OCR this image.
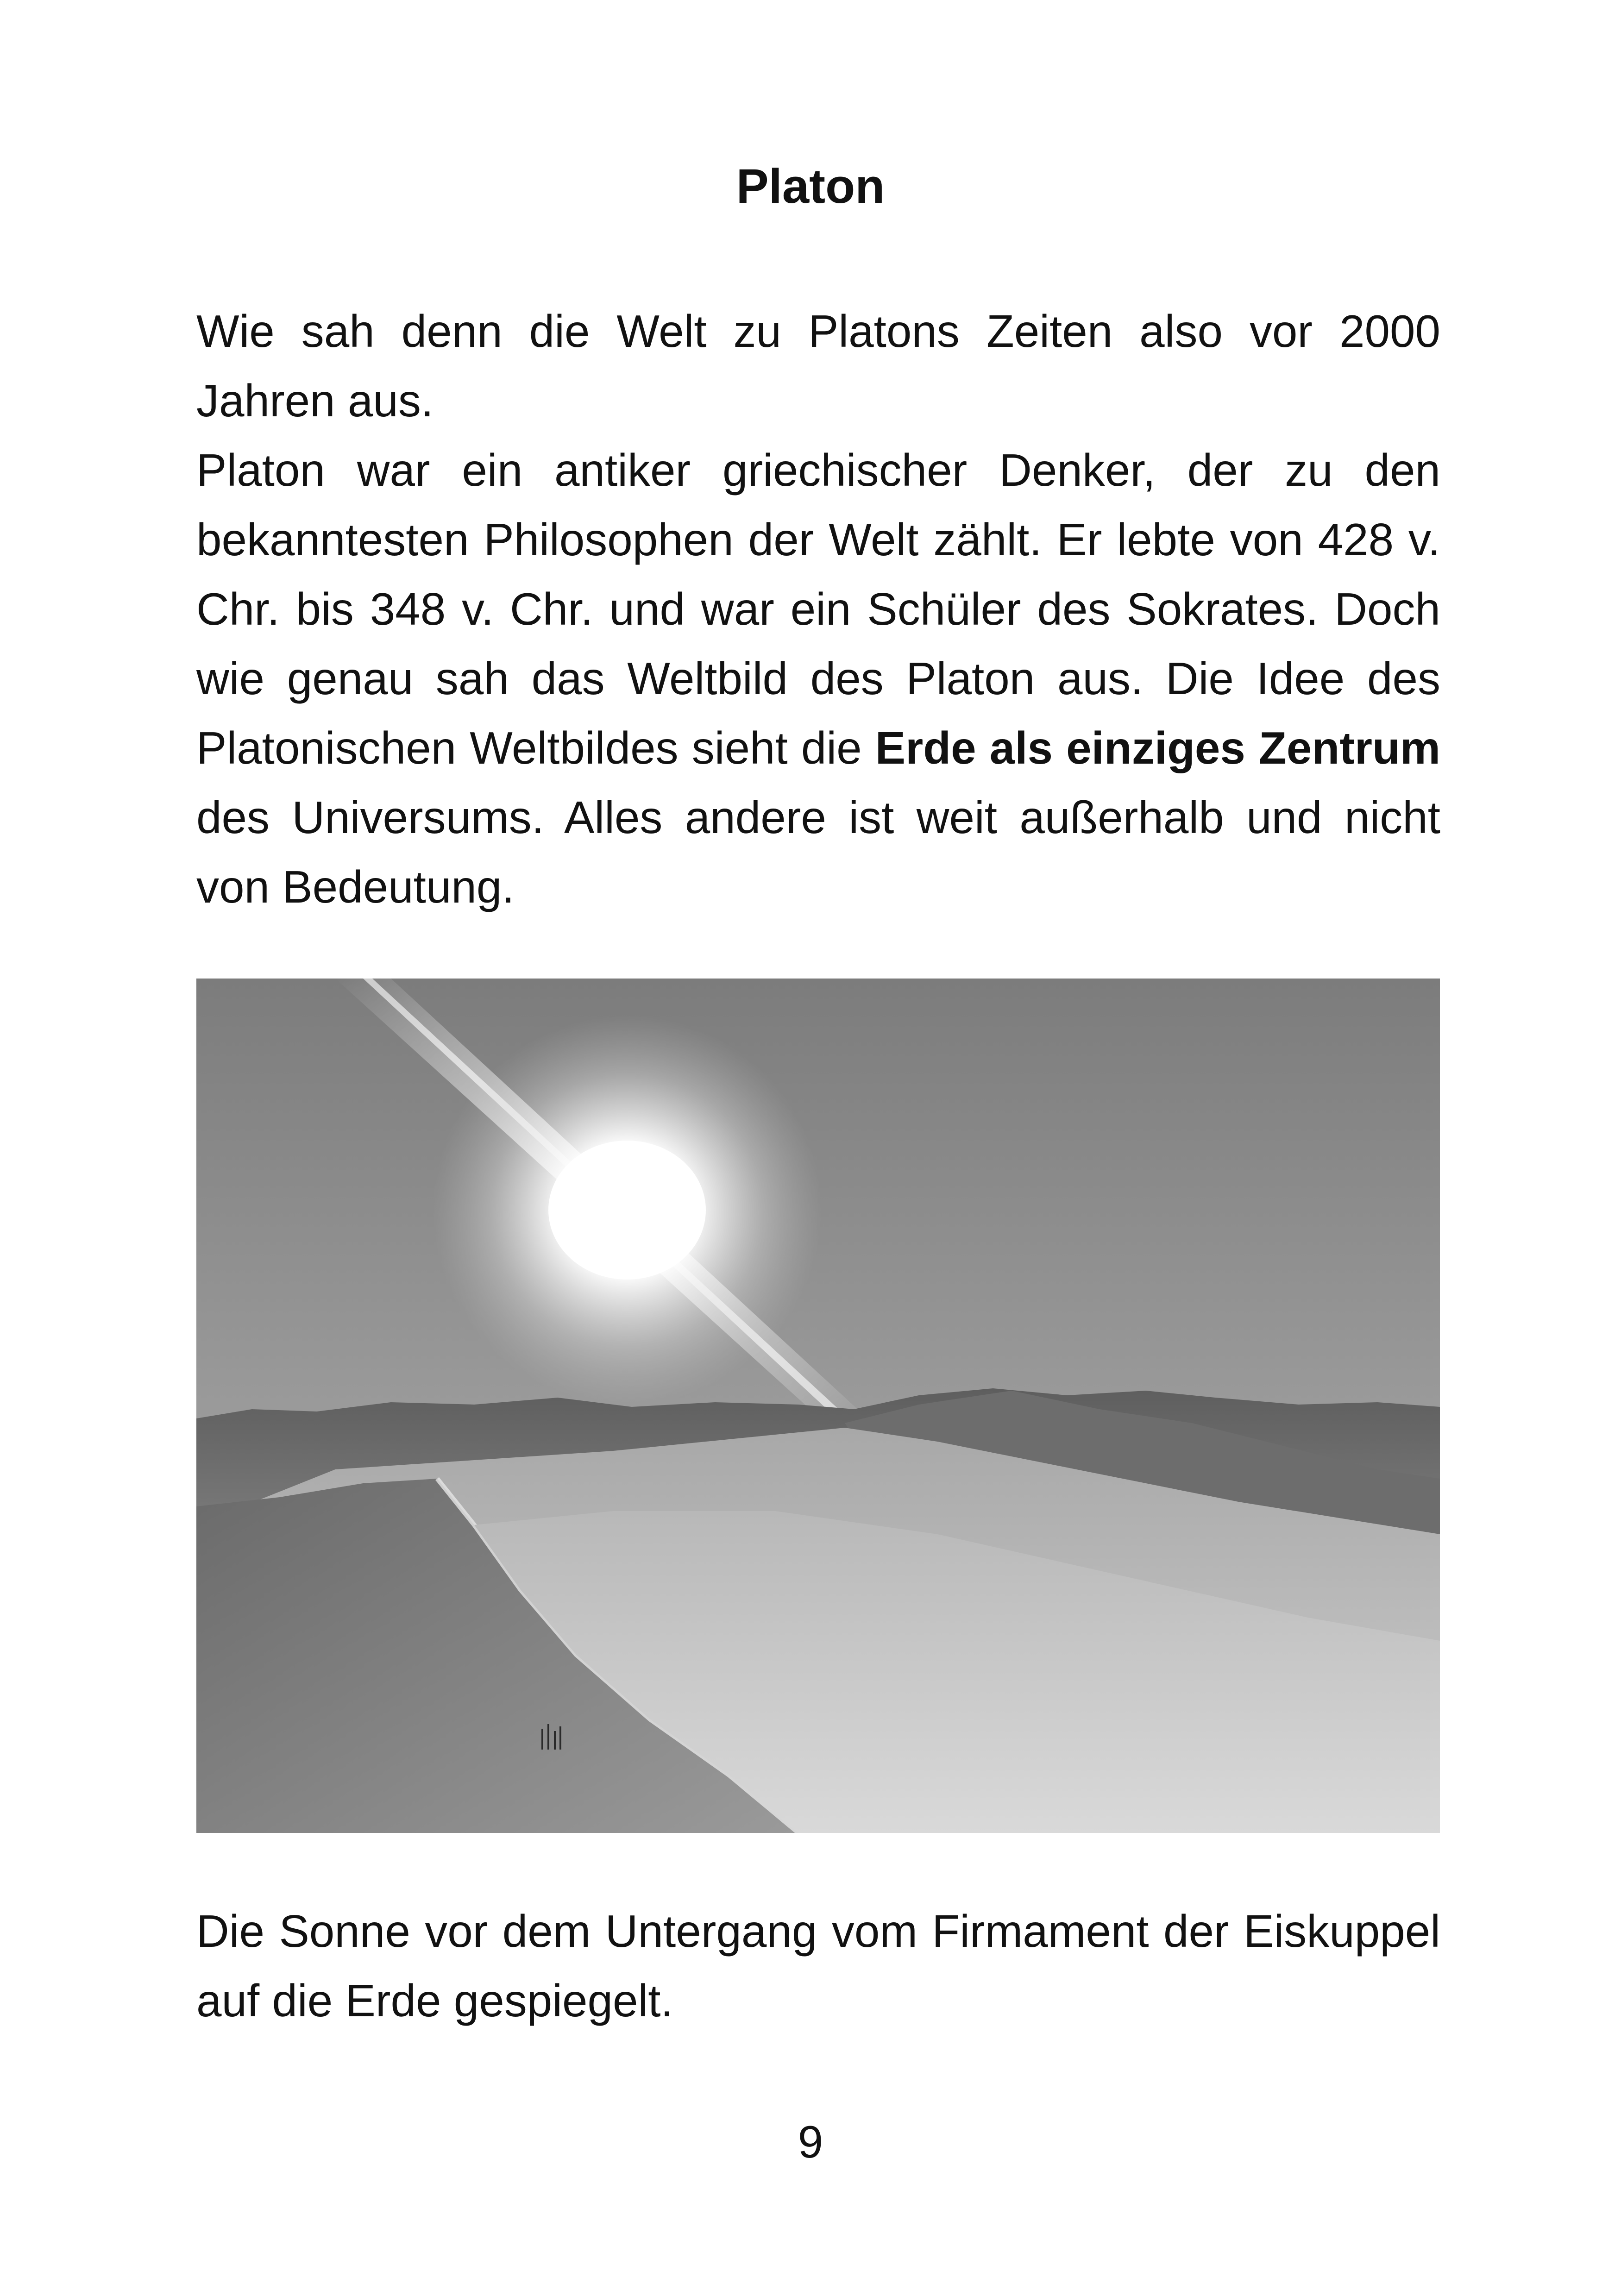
Platon

Wie sah denn die Welt zu Platons Zeiten also vor 2000 Jahren aus.

Platon war ein antiker griechischer Denker, der zu den bekanntesten Philosophen der Welt zählt. Er lebte von 428 v. Chr. bis 348 v. Chr. und war ein Schüler des Sokrates. Doch wie genau sah das Weltbild des Platon aus. Die Idee des Platonischen Weltbildes sieht die Erde als einziges Zentrum des Universums. Alles andere ist weit außerhalb und nicht von Bedeutung.

Die Sonne vor dem Untergang vom Firmament der Eiskuppel auf die Erde gespiegelt.
9
